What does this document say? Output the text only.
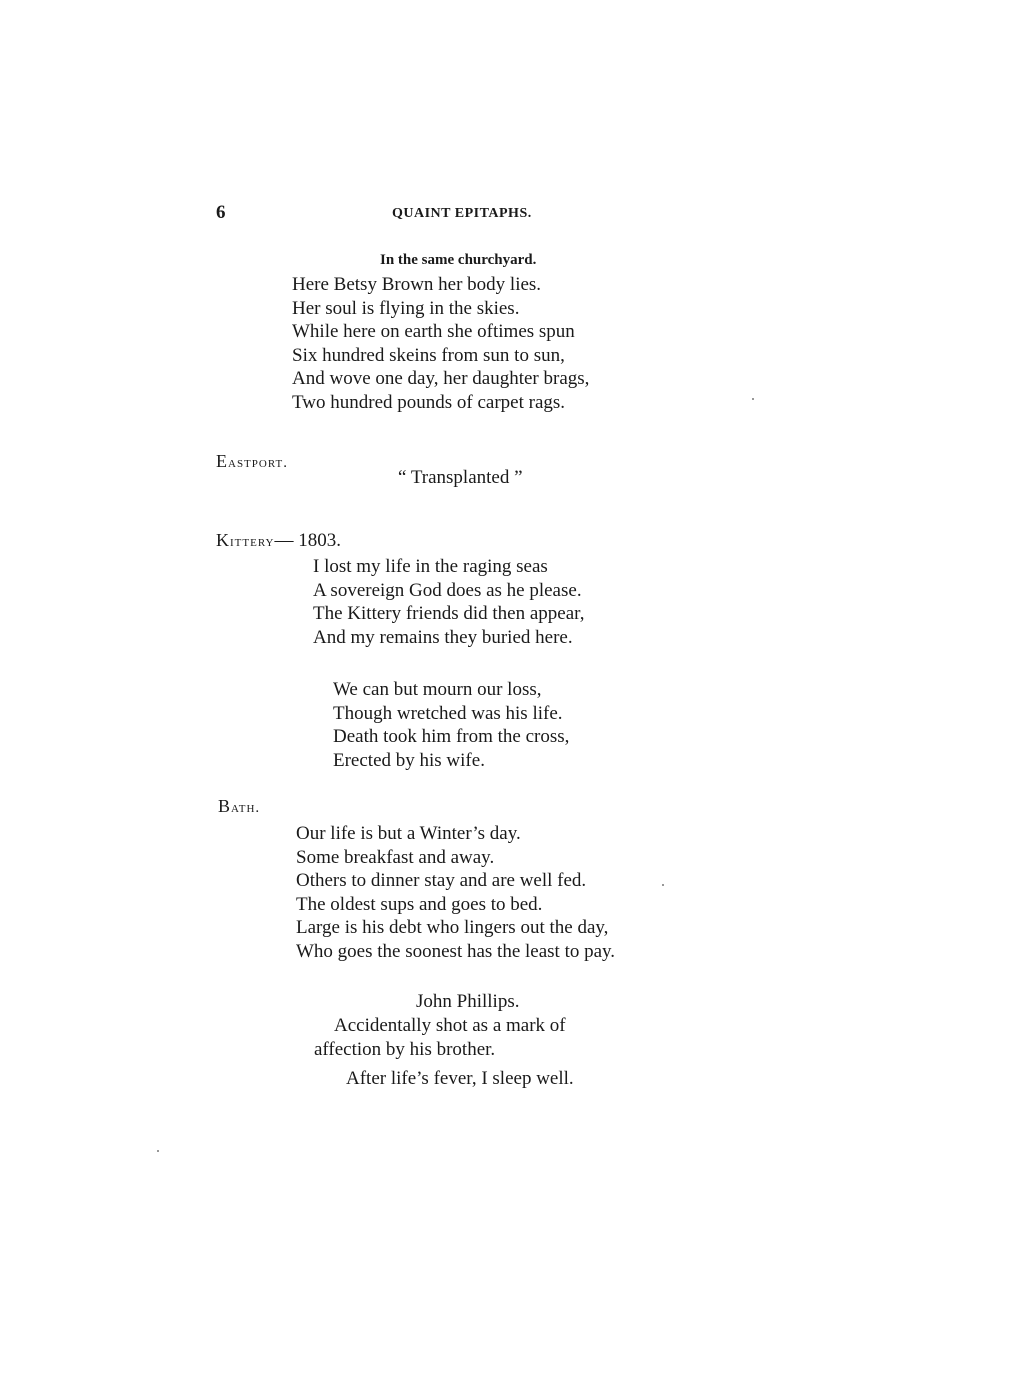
6	QUAINT EPITAPHS.
In the same churchyard.
Here Betsy Brown her body lies.
Her soul is flying in the skies.
While here on earth she oftimes spun
Six hundred skeins from sun to sun,
And wove one day, her daughter brags,
Two hundred pounds of carpet rags.
Eastport.
“ Transplanted ”
Kittery— 1803.
I lost my life in the raging seas
A sovereign God does as he please.
The Kittery friends did then appear,
And my remains they buried here.
We can but mourn our loss,
Though wretched was his life.
Death took him from the cross,
Erected by his wife.
Bath.
Our life is but a Winter’s day.
Some breakfast and away.
Others to dinner stay and are well fed.
The oldest sups and goes to bed.
Large is his debt who lingers out the day,
Who goes the soonest has the least to pay.
John Phillips.
Accidentally shot as a mark of
affection by his brother.
After life’s fever, I sleep well.
